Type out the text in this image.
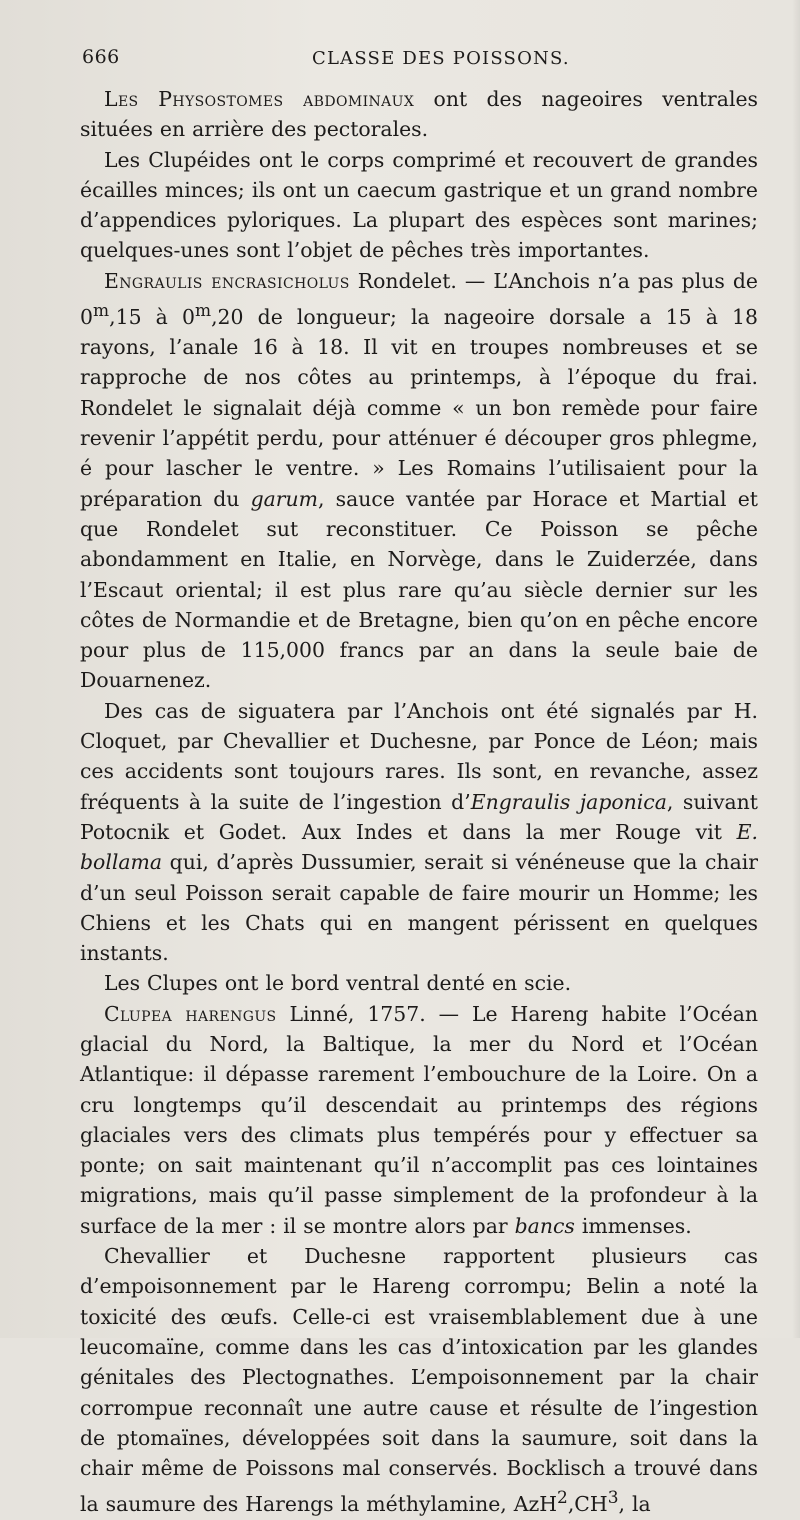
666	CLASSE DES POISSONS.

Les Physostomes abdominaux ont des nageoires ventrales situées en arrière des pectorales.

Les Clupéides ont le corps comprimé et recouvert de grandes écailles minces; ils ont un caecum gastrique et un grand nombre d’appendices pyloriques. La plupart des espèces sont marines; quelques-unes sont l’objet de pêches très importantes.

Engraulis encrasicholus Rondelet. — L’Anchois n’a pas plus de 0$^m$,15 à 0$^m$,20 de longueur; la nageoire dorsale a 15 à 18 rayons, l’anale 16 à 18. Il vit en troupes nombreuses et se rapproche de nos côtes au printemps, à l’époque du frai. Rondelet le signalait déjà comme « un bon remède pour faire revenir l’appétit perdu, pour atténuer é découper gros phlegme, é pour lascher le ventre. » Les Romains l’utilisaient pour la préparation du garum, sauce vantée par Horace et Martial et que Rondelet sut reconstituer. Ce Poisson se pêche abondamment en Italie, en Norvège, dans le Zuiderzée, dans l’Escaut oriental; il est plus rare qu’au siècle dernier sur les côtes de Normandie et de Bretagne, bien qu’on en pêche encore pour plus de 115,000 francs par an dans la seule baie de Douarnenez.

Des cas de siguatera par l’Anchois ont été signalés par H. Cloquet, par Chevallier et Duchesne, par Ponce de Léon; mais ces accidents sont toujours rares. Ils sont, en revanche, assez fréquents à la suite de l’ingestion d’Engraulis japonica, suivant Potocnik et Godet. Aux Indes et dans la mer Rouge vit E. bollama qui, d’après Dussumier, serait si vénéneuse que la chair d’un seul Poisson serait capable de faire mourir un Homme; les Chiens et les Chats qui en mangent périssent en quelques instants.

Les Clupes ont le bord ventral denté en scie.

Clupea harengus Linné, 1757. — Le Hareng habite l’Océan glacial du Nord, la Baltique, la mer du Nord et l’Océan Atlantique: il dépasse rarement l’embouchure de la Loire. On a cru longtemps qu’il descendait au printemps des régions glaciales vers des climats plus tempérés pour y effectuer sa ponte; on sait maintenant qu’il n’accomplit pas ces lointaines migrations, mais qu’il passe simplement de la profondeur à la surface de la mer : il se montre alors par bancs immenses.

Chevallier et Duchesne rapportent plusieurs cas d’empoisonnement par le Hareng corrompu; Belin a noté la toxicité des œufs. Celle-ci est vraisemblablement due à une leucomaïne, comme dans les cas d’intoxication par les glandes génitales des Plectognathes. L’empoisonnement par la chair corrompue reconnaît une autre cause et résulte de l’ingestion de ptomaïnes, développées soit dans la saumure, soit dans la chair même de Poissons mal conservés. Bocklisch a trouvé dans la saumure des Harengs la méthylamine, $AzH^2,CH^3$, la
